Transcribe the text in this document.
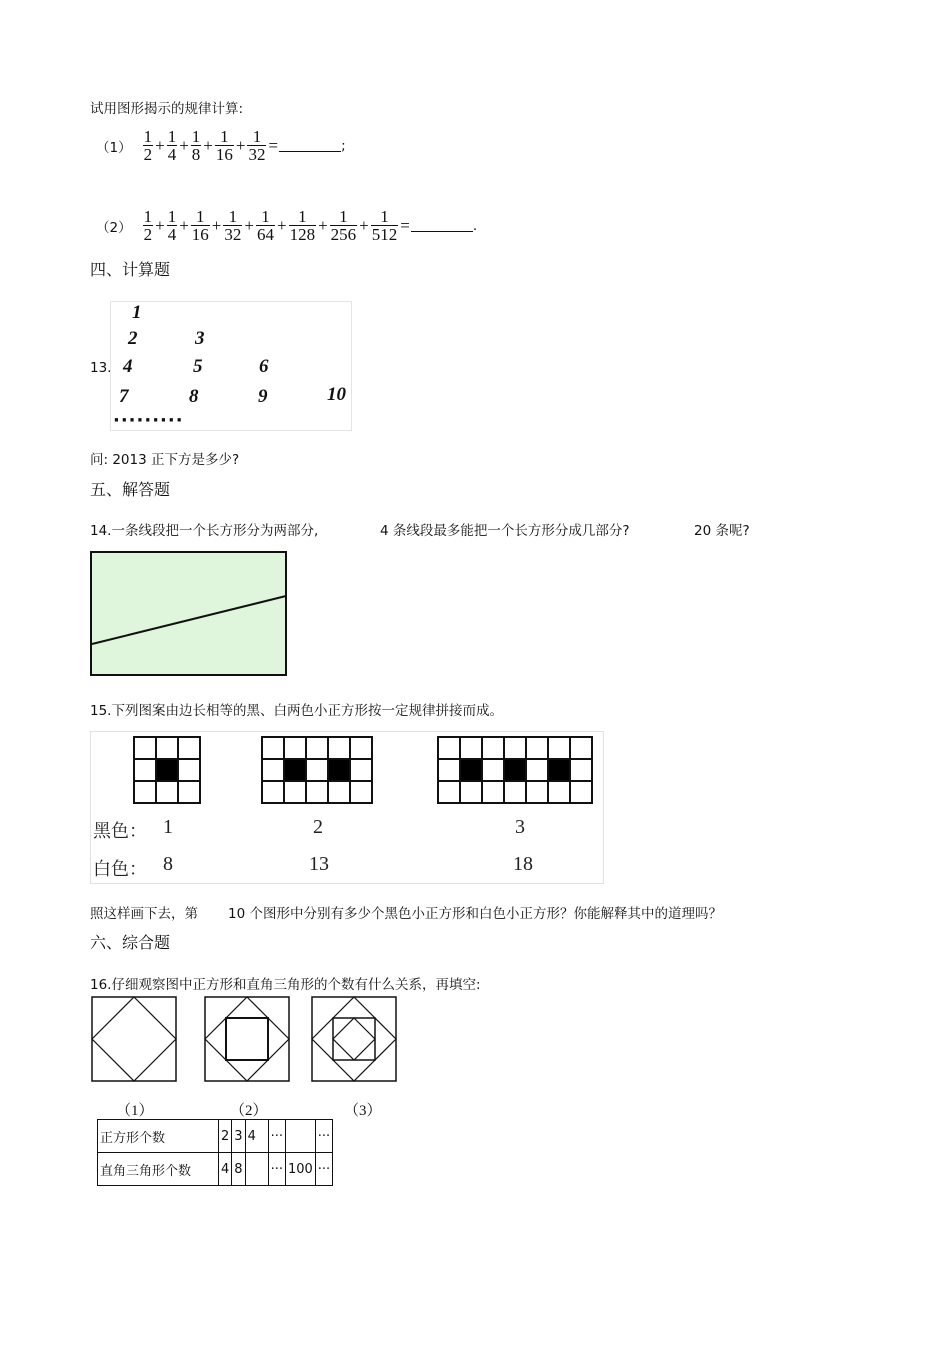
试用图形揭示的规律计算:
$(1) \frac{1}{2} + \frac{1}{4} + \frac{1}{8} + \frac{1}{16} + \frac{1}{32}$ =	;
$(2) \frac{1}{2} + \frac{1}{4} + \frac{1}{16} + \frac{1}{32} + \frac{1}{64} + \frac{1}{128} + \frac{1}{256} + \frac{1}{512}$ =	.
四、计算题
13.
1
2	3
4	5	6
7	8	9	10
·········
问: 2013 正下方是多少?
五、解答题
14.一条线段把一个长方形分为两部分,	4 条线段最多能把一个长方形分成几部分?	20 条呢?
15.下列图案由边长相等的黑、白两色小正方形按一定规律拼接而成。
黑色： 1	2	3
白色： 8	13	18
照这样画下去，第 10 个图形中分别有多少个黑色小正方形和白色小正方形？你能解释其中的道理吗？
六、综合题
16.仔细观察图中正方形和直角三角形的个数有什么关系，再填空:
（1）	（2）	（3）
正方形个数	2	3	4	···		···
直角三角形个数	4	8		···	100	···
